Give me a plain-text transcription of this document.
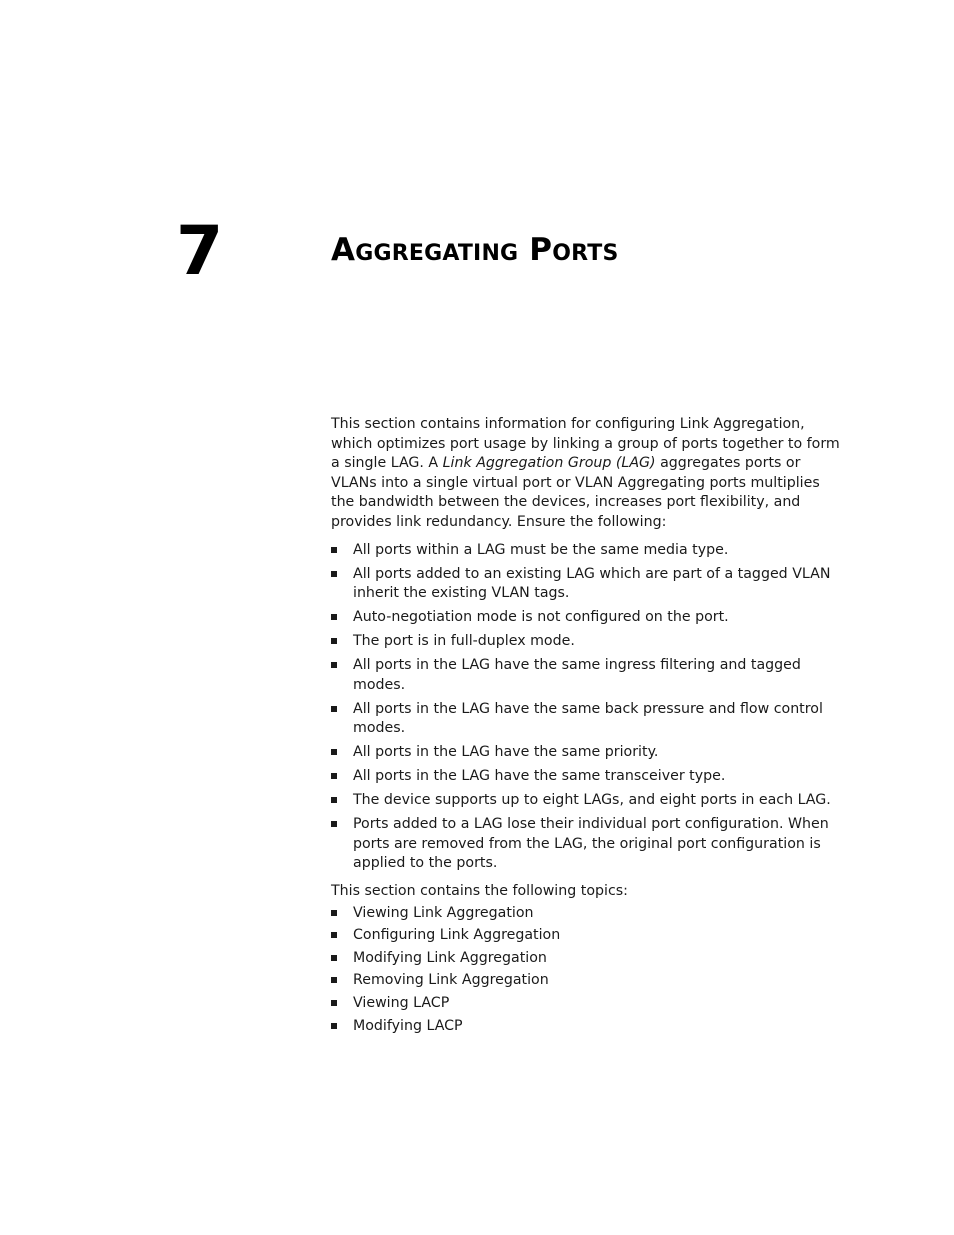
7	Aggregating Ports

This section contains information for configuring Link Aggregation, which optimizes port usage by linking a group of ports together to form a single LAG. A Link Aggregation Group (LAG) aggregates ports or VLANs into a single virtual port or VLAN Aggregating ports multiplies the bandwidth between the devices, increases port flexibility, and provides link redundancy. Ensure the following:

All ports within a LAG must be the same media type.
All ports added to an existing LAG which are part of a tagged VLAN inherit the existing VLAN tags.
Auto-negotiation mode is not configured on the port.
The port is in full-duplex mode.
All ports in the LAG have the same ingress filtering and tagged modes.
All ports in the LAG have the same back pressure and flow control modes.
All ports in the LAG have the same priority.
All ports in the LAG have the same transceiver type.
The device supports up to eight LAGs, and eight ports in each LAG.
Ports added to a LAG lose their individual port configuration. When ports are removed from the LAG, the original port configuration is applied to the ports.

This section contains the following topics:

Viewing Link Aggregation
Configuring Link Aggregation
Modifying Link Aggregation
Removing Link Aggregation
Viewing LACP
Modifying LACP
